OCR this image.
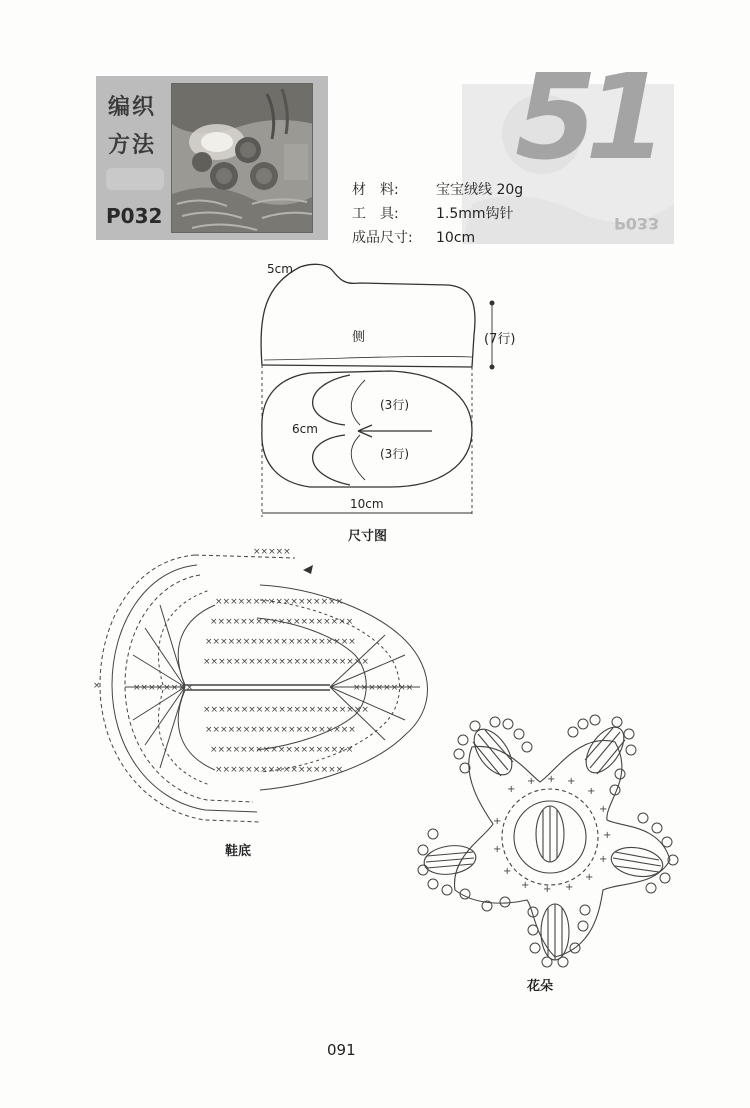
编织
方法
P032	P033
51
材　料:	宝宝绒线 20g
工　具:	1.5mm钩针
成品尺寸: 10cm
5cm
侧	(7行)
6cm
(3行)
(3行)
10cm
尺寸图
×××××××××××××××××
×××××××××××××××××××
××××××××××××××××××××
××××××××××××××××××××××
××××××××××××××××××××××
××××××××××××××××××××
×××××××××××××××××××
×××××××××××××××××
××××××××	××××××××
×
×××××
鞋底
+
+ + +
+
+
+
+
+
+
+
+
+
+
+
花朵
091
